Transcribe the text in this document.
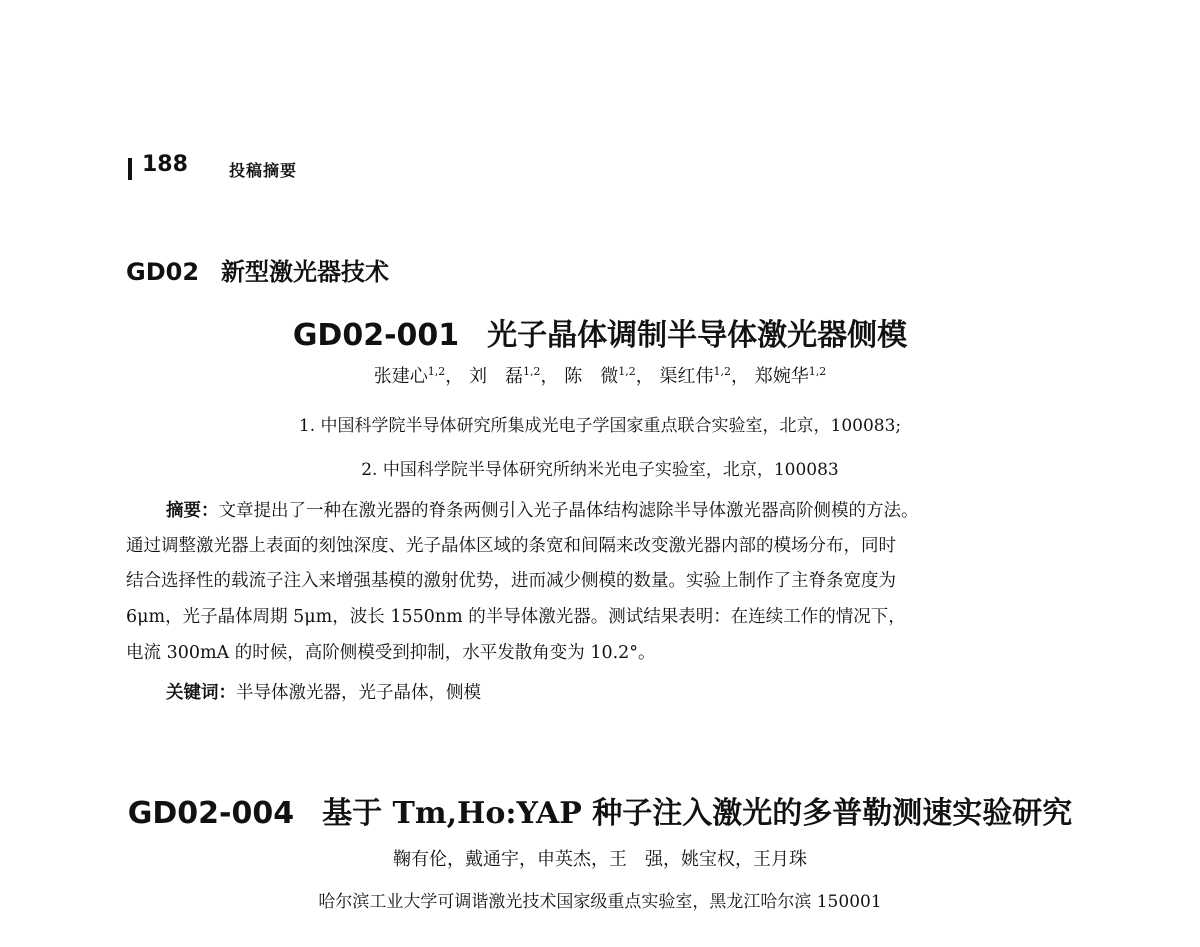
188	投稿摘要
GD02 新型激光器技术
GD02-001 光子晶体调制半导体激光器侧模
张建心$^{1,2}$， 刘　磊$^{1,2}$， 陈　微$^{1,2}$， 渠红伟$^{1,2}$， 郑婉华$^{1,2}$
1. 中国科学院半导体研究所集成光电子学国家重点联合实验室，北京，100083;
2. 中国科学院半导体研究所纳米光电子实验室，北京，100083
摘要：文章提出了一种在激光器的脊条两侧引入光子晶体结构滤除半导体激光器高阶侧模的方法。
通过调整激光器上表面的刻蚀深度、光子晶体区域的条宽和间隔来改变激光器内部的模场分布，同时
结合选择性的载流子注入来增强基模的激射优势，进而减少侧模的数量。实验上制作了主脊条宽度为
6μm，光子晶体周期 5μm，波长 1550nm 的半导体激光器。测试结果表明：在连续工作的情况下，
电流 300mA 的时候，高阶侧模受到抑制，水平发散角变为 10.2°。
关键词：半导体激光器，光子晶体，侧模
GD02-004 基于 Tm,Ho:YAP 种子注入激光的多普勒测速实验研究
鞠有伦，戴通宇，申英杰，王　强，姚宝权，王月珠
哈尔滨工业大学可调谐激光技术国家级重点实验室，黑龙江哈尔滨 150001
